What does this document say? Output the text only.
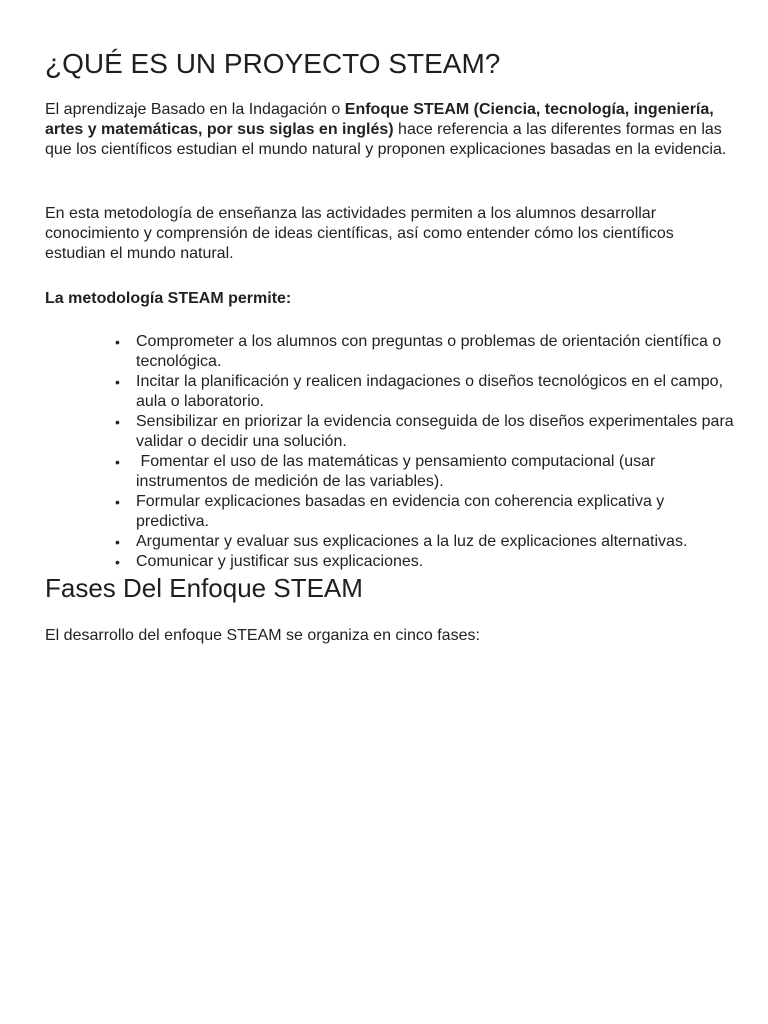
¿QUÉ ES UN PROYECTO STEAM?

El aprendizaje Basado en la Indagación o Enfoque STEAM (Ciencia, tecnología, ingeniería, artes y matemáticas, por sus siglas en inglés) hace referencia a las diferentes formas en las que los científicos estudian el mundo natural y proponen explicaciones basadas en la evidencia.

En esta metodología de enseñanza las actividades permiten a los alumnos desarrollar conocimiento y comprensión de ideas científicas, así como entender cómo los científicos estudian el mundo natural.

La metodología STEAM permite:

• Comprometer a los alumnos con preguntas o problemas de orientación científica o tecnológica.
• Incitar la planificación y realicen indagaciones o diseños tecnológicos en el campo, aula o laboratorio.
• Sensibilizar en priorizar la evidencia conseguida de los diseños experimentales para validar o decidir una solución.
• Fomentar el uso de las matemáticas y pensamiento computacional (usar instrumentos de medición de las variables).
• Formular explicaciones basadas en evidencia con coherencia explicativa y predictiva.
• Argumentar y evaluar sus explicaciones a la luz de explicaciones alternativas.
• Comunicar y justificar sus explicaciones.
Fases Del Enfoque STEAM

El desarrollo del enfoque STEAM se organiza en cinco fases:
